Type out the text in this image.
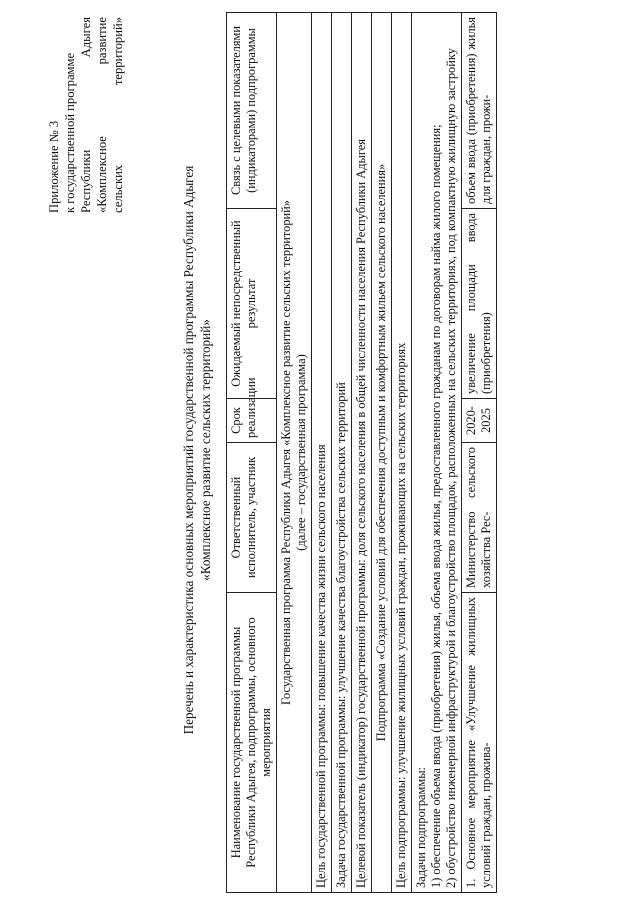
Приложение № 3 к государственной программе Республики
Адыгея
«Комплексное
развитие
сельских
территорий»
Перечень и характеристика основных мероприятий государственной программы Республики Адыгея «Комплексное развитие сельских территорий»
Наименование государственной программы Республики Адыгея, подпрограммы, основного мероприятия	Ответственный исполнитель, участник	Срок реализации	Ожидаемый непосредственный результат	Связь с целевыми показателями (индикаторами) подпрограммы

Государственная программа Республики Адыгея «Комплексное развитие сельских территорий» (далее – государственная программа)				

Цель государственной программы: повышение качества жизни сельского населения				
Задача государственной программы: улучшение качества благоустройства сельских территорий				
Целевой показатель (индикатор) государственной программы: доля сельского населения в общей численности населения Республики Адыгея				
Подпрограмма «Создание условий для обеспечения доступным и комфортным жильем сельского населения»				
Цель подпрограммы: улучшение жилищных условий граждан, проживающих на сельских территориях				

Задачи подпрограммы: 1) обеспечение объема ввода (приобретения) жилья, объема ввода жилья, предоставленного гражданам по договорам найма жилого помещения; 2) обустройство инженерной инфраструктурой и благоустройство площадок, расположенных на сельских территориях, под компактную жилищную застройку				

1. Основное мероприятие «Улучшение жилищных условий граждан, прожива-	Министерство сельского хозяйства Рес-	2020-2025	увеличение площади ввода (приобретения)	объем ввода (приобретения) жилья для граждан, прожи-
